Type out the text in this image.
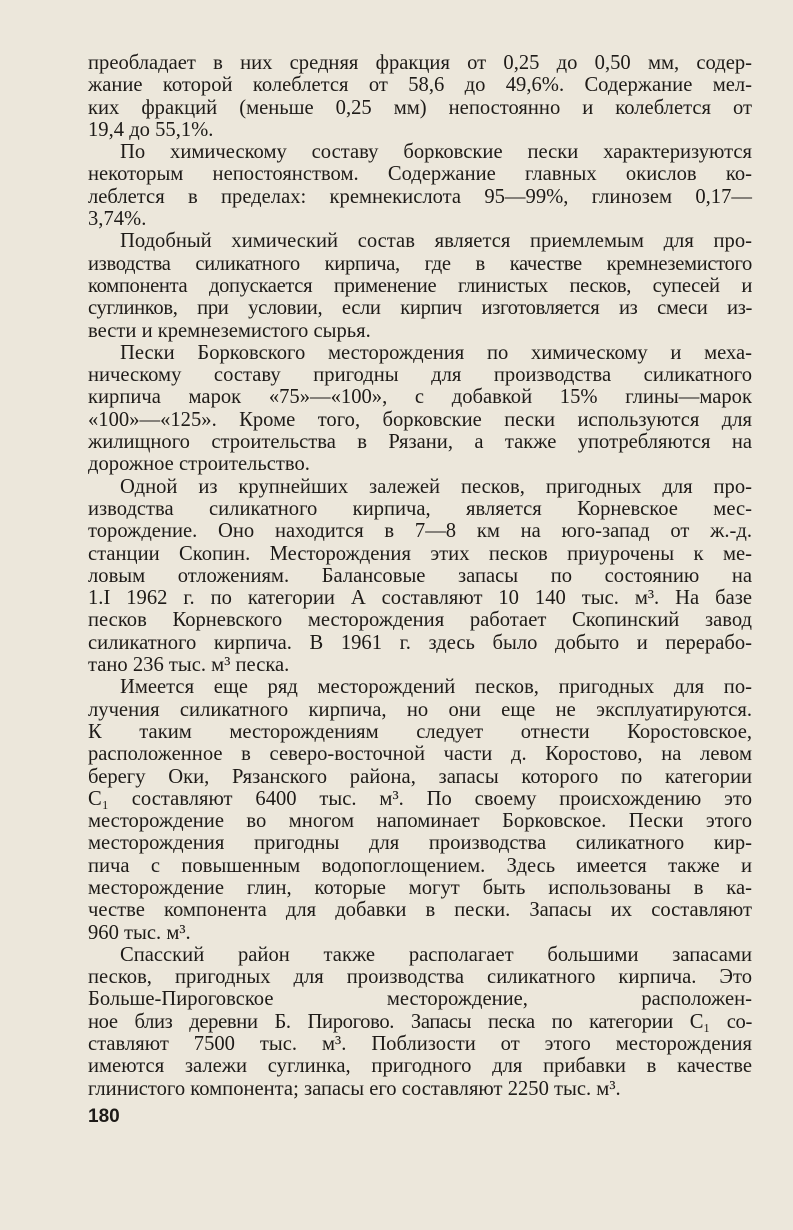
преобладает в них средняя фракция от 0,25 до 0,50 мм, содер-
жание которой колеблется от 58,6 до 49,6%. Содержание мел-
ких фракций (меньше 0,25 мм) непостоянно и колеблется от
19,4 до 55,1%.
По химическому составу борковские пески характеризуются
некоторым непостоянством. Содержание главных окислов ко-
леблется в пределах: кремнекислота 95—99%, глинозем 0,17—
3,74%.
Подобный химический состав является приемлемым для про-
изводства силикатного кирпича, где в качестве кремнеземистого
компонента допускается применение глинистых песков, супесей и
суглинков, при условии, если кирпич изготовляется из смеси из-
вести и кремнеземистого сырья.
Пески Борковского месторождения по химическому и меха-
ническому составу пригодны для производства силикатного
кирпича марок «75»—«100», с добавкой 15% глины—марок
«100»—«125». Кроме того, борковские пески используются для
жилищного строительства в Рязани, а также употребляются на
дорожное строительство.
Одной из крупнейших залежей песков, пригодных для про-
изводства силикатного кирпича, является Корневское мес-
торождение. Оно находится в 7—8 км на юго-запад от ж.-д.
станции Скопин. Месторождения этих песков приурочены к ме-
ловым отложениям. Балансовые запасы по состоянию на
1.I 1962 г. по категории А составляют 10 140 тыс. м³. На базе
песков Корневского месторождения работает Скопинский завод
силикатного кирпича. В 1961 г. здесь было добыто и перерабо-
тано 236 тыс. м³ песка.
Имеется еще ряд месторождений песков, пригодных для по-
лучения силикатного кирпича, но они еще не эксплуатируются.
К таким месторождениям следует отнести Коростовское,
расположенное в северо-восточной части д. Коростово, на левом
берегу Оки, Рязанского района, запасы которого по категории
C₁ составляют 6400 тыс. м³. По своему происхождению это
месторождение во многом напоминает Борковское. Пески этого
месторождения пригодны для производства силикатного кир-
пича с повышенным водопоглощением. Здесь имеется также и
месторождение глин, которые могут быть использованы в ка-
честве компонента для добавки в пески. Запасы их составляют
960 тыс. м³.
Спасский район также располагает большими запасами
песков, пригодных для производства силикатного кирпича. Это
Больше-Пироговское месторождение, расположен-
ное близ деревни Б. Пирогово. Запасы песка по категории C₁ со-
ставляют 7500 тыс. м³. Поблизости от этого месторождения
имеются залежи суглинка, пригодного для прибавки в качестве
глинистого компонента; запасы его составляют 2250 тыс. м³.
180
